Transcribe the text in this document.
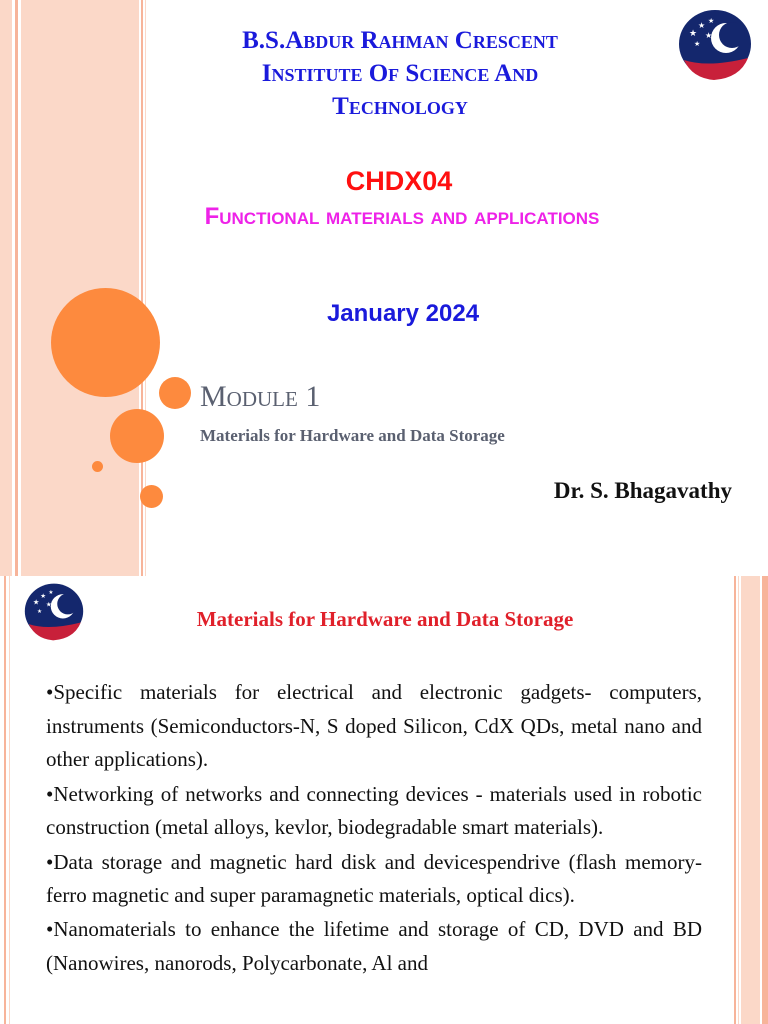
★
★ ★
★
★
B.S.Abdur Rahman Crescent
Institute Of Science And
Technology
CHDX04
Functional materials and applications
January 2024
Module 1
Materials for Hardware and Data Storage
Dr. S. Bhagavathy
★
★ ★
★
★
Materials for Hardware and Data Storage

• Specific materials for electrical and electronic gadgets- computers, instruments (Semiconductors-N, S doped Silicon, CdX QDs, metal nano and other applications).

• Networking of networks and connecting devices - materials used in robotic construction (metal alloys, kevlor, biodegradable smart materials).

• Data storage and magnetic hard disk and devicespendrive (flash memory-ferro magnetic and super paramagnetic materials, optical dics).

• Nanomaterials to enhance the lifetime and storage of CD, DVD and BD (Nanowires, nanorods, Polycarbonate, Al and
